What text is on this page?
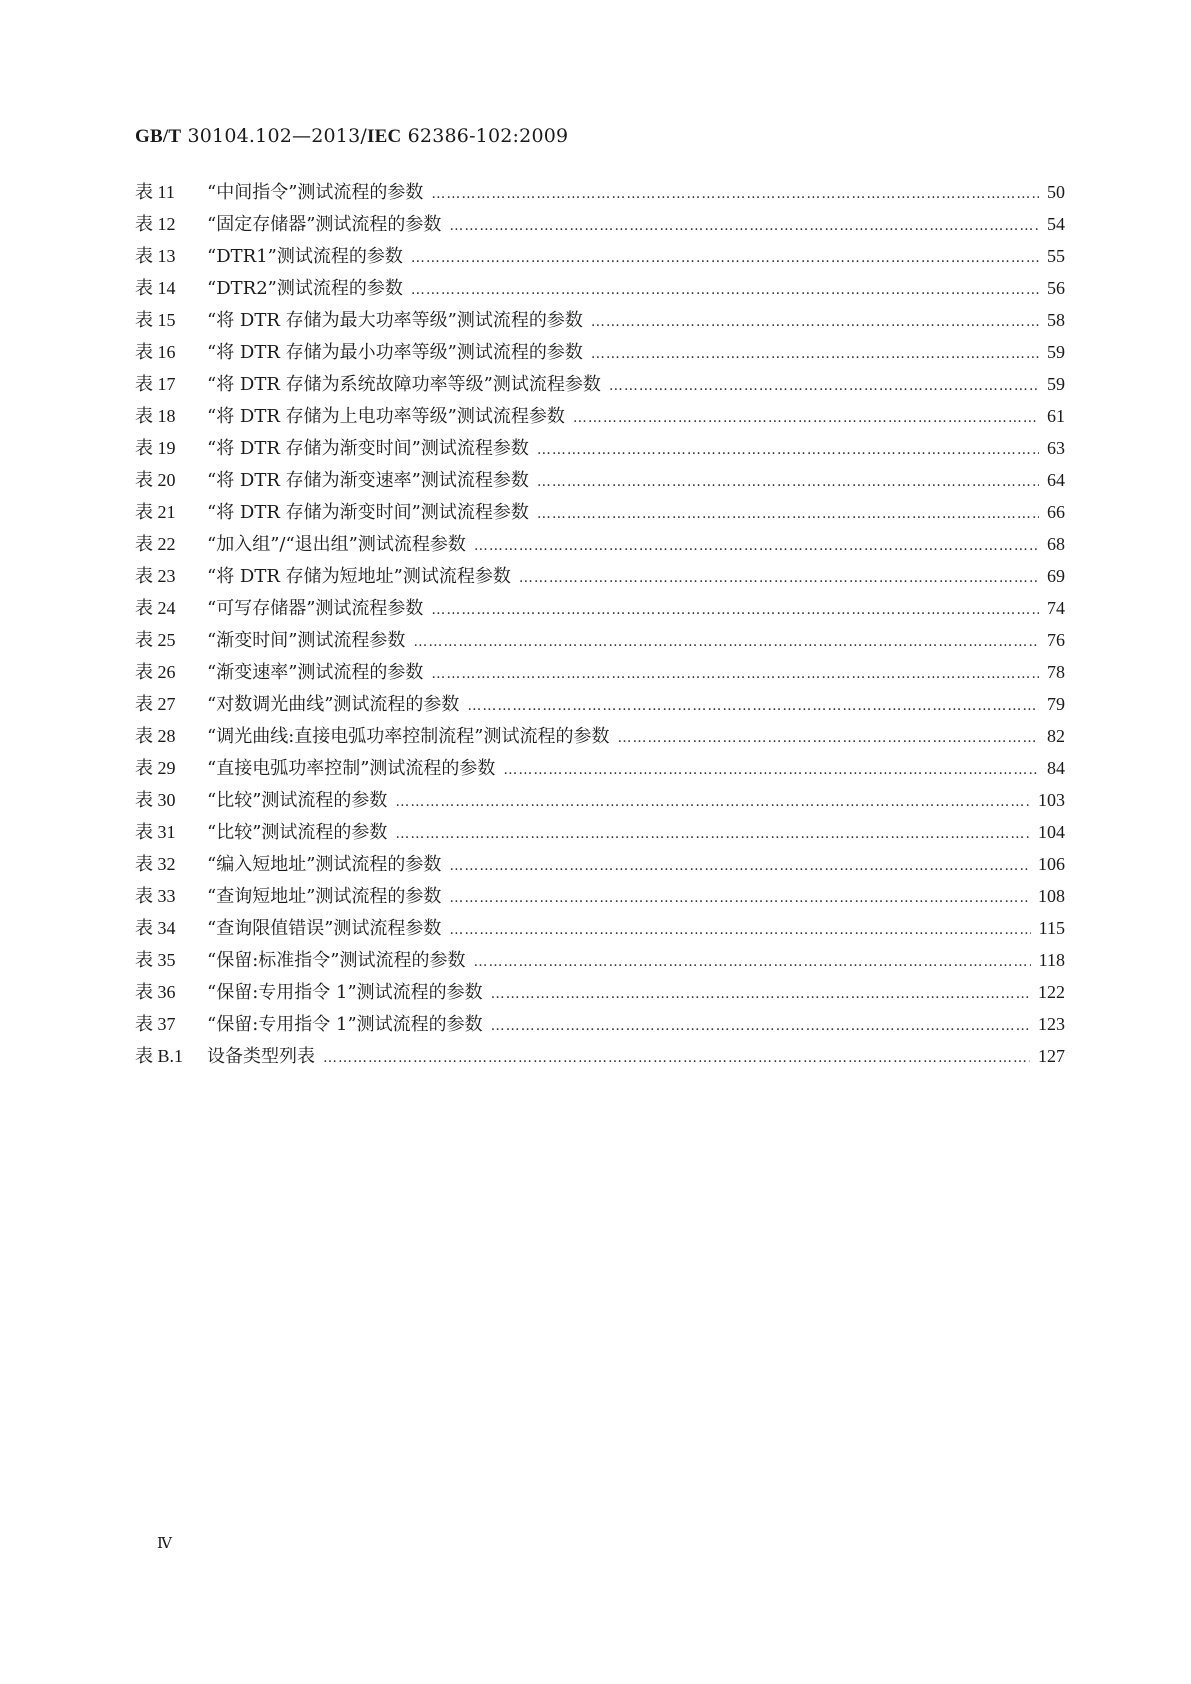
GB/T 30104.102—2013/IEC 62386-102:2009
表 11	“中间指令”测试流程的参数 …………………………………………………………………………………………………………………………………………………………………………………………………………	50
表 12	“固定存储器”测试流程的参数 …………………………………………………………………………………………………………………………………………………………………………………………………………	54
表 13	“DTR1”测试流程的参数 …………………………………………………………………………………………………………………………………………………………………………………………………………	55
表 14	“DTR2”测试流程的参数 …………………………………………………………………………………………………………………………………………………………………………………………………………	56
表 15	“将 DTR 存储为最大功率等级”测试流程的参数 …………………………………………………………………………………………………………………………………………………………………………………………………………	58
表 16	“将 DTR 存储为最小功率等级”测试流程的参数 …………………………………………………………………………………………………………………………………………………………………………………………………………	59
表 17	“将 DTR 存储为系统故障功率等级”测试流程参数 …………………………………………………………………………………………………………………………………………………………………………………………………………	59
表 18	“将 DTR 存储为上电功率等级”测试流程参数 …………………………………………………………………………………………………………………………………………………………………………………………………………	61
表 19	“将 DTR 存储为渐变时间”测试流程参数 …………………………………………………………………………………………………………………………………………………………………………………………………………	63
表 20	“将 DTR 存储为渐变速率”测试流程参数 …………………………………………………………………………………………………………………………………………………………………………………………………………	64
表 21	“将 DTR 存储为渐变时间”测试流程参数 …………………………………………………………………………………………………………………………………………………………………………………………………………	66
表 22	“加入组”/“退出组”测试流程参数 …………………………………………………………………………………………………………………………………………………………………………………………………………	68
表 23	“将 DTR 存储为短地址”测试流程参数 …………………………………………………………………………………………………………………………………………………………………………………………………………	69
表 24	“可写存储器”测试流程参数 …………………………………………………………………………………………………………………………………………………………………………………………………………	74
表 25	“渐变时间”测试流程参数 …………………………………………………………………………………………………………………………………………………………………………………………………………	76
表 26	“渐变速率”测试流程的参数 …………………………………………………………………………………………………………………………………………………………………………………………………………	78
表 27	“对数调光曲线”测试流程的参数 …………………………………………………………………………………………………………………………………………………………………………………………………………	79
表 28	“调光曲线:直接电弧功率控制流程”测试流程的参数 …………………………………………………………………………………………………………………………………………………………………………………………………………	82
表 29	“直接电弧功率控制”测试流程的参数 …………………………………………………………………………………………………………………………………………………………………………………………………………	84
表 30	“比较”测试流程的参数 …………………………………………………………………………………………………………………………………………………………………………………………………………	103
表 31	“比较”测试流程的参数 …………………………………………………………………………………………………………………………………………………………………………………………………………	104
表 32	“编入短地址”测试流程的参数 …………………………………………………………………………………………………………………………………………………………………………………………………………	106
表 33	“查询短地址”测试流程的参数 …………………………………………………………………………………………………………………………………………………………………………………………………………	108
表 34	“查询限值错误”测试流程参数 …………………………………………………………………………………………………………………………………………………………………………………………………………	115
表 35	“保留:标准指令”测试流程的参数 …………………………………………………………………………………………………………………………………………………………………………………………………………	118
表 36	“保留:专用指令 1”测试流程的参数 …………………………………………………………………………………………………………………………………………………………………………………………………………	122
表 37	“保留:专用指令 1”测试流程的参数 …………………………………………………………………………………………………………………………………………………………………………………………………………	123
表 B.1	设备类型列表 …………………………………………………………………………………………………………………………………………………………………………………………………………	127
Ⅳ
